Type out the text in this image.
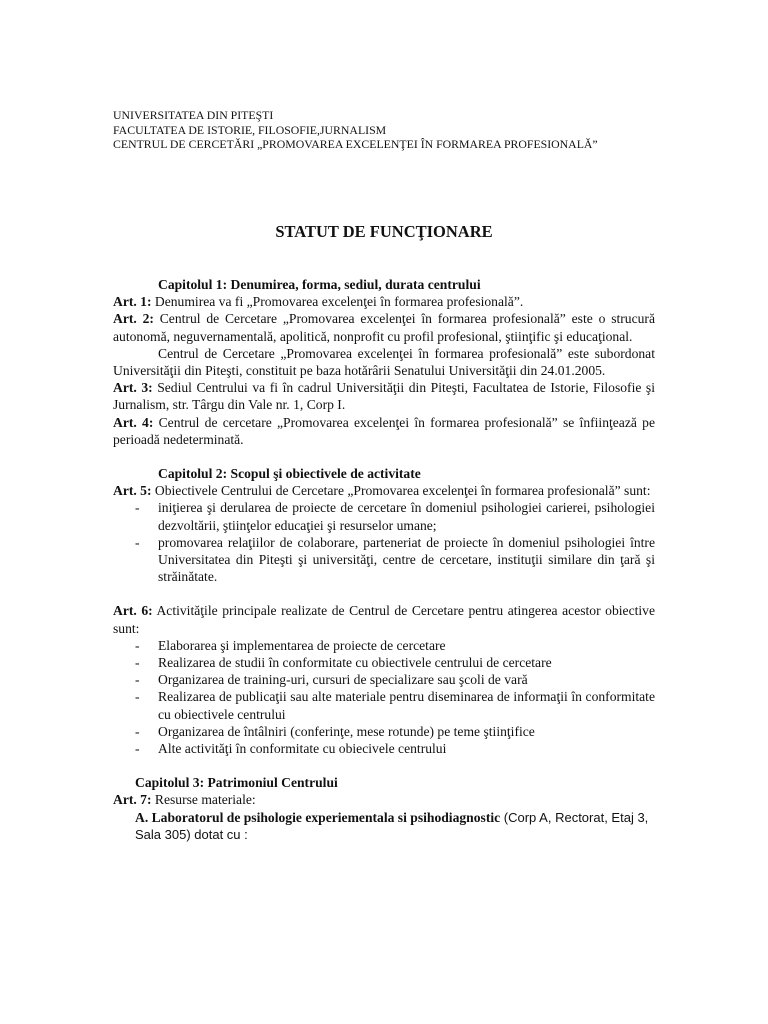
UNIVERSITATEA DIN PITEŞTI
FACULTATEA DE ISTORIE, FILOSOFIE,JURNALISM
CENTRUL DE CERCETĂRI „PROMOVAREA EXCELENŢEI ÎN FORMAREA PROFESIONALĂ”
STATUT DE FUNCŢIONARE
Capitolul 1: Denumirea, forma, sediul, durata centrului
Art. 1: Denumirea va fi „Promovarea excelenţei în formarea profesională”.
Art. 2: Centrul de Cercetare „Promovarea excelenţei în formarea profesională” este o strucură autonomă, neguvernamentală, apolitică, nonprofit cu profil profesional, ştiinţific şi educaţional.
Centrul de Cercetare „Promovarea excelenţei în formarea profesională” este subordonat Universităţii din Piteşti, constituit pe baza hotărârii Senatului Universităţii din 24.01.2005.
Art. 3: Sediul Centrului va fi în cadrul Universităţii din Piteşti, Facultatea de Istorie, Filosofie şi Jurnalism, str. Târgu din Vale nr. 1, Corp I.
Art. 4: Centrul de cercetare „Promovarea excelenţei în formarea profesională” se înfiinţează pe perioadă nedeterminată.
Capitolul 2: Scopul şi obiectivele de activitate
Art. 5: Obiectivele Centrului de Cercetare „Promovarea excelenţei în formarea profesională” sunt:
- iniţierea şi derularea de proiecte de cercetare în domeniul psihologiei carierei, psihologiei dezvoltării, ştiinţelor educaţiei şi resurselor umane;
- promovarea relaţiilor de colaborare, parteneriat de proiecte în domeniul psihologiei între Universitatea din Piteşti şi universităţi, centre de cercetare, instituţii similare din ţară şi străinătate.
Art. 6: Activităţile principale realizate de Centrul de Cercetare pentru atingerea acestor obiective sunt:
- Elaborarea şi implementarea de proiecte de cercetare
- Realizarea de studii în conformitate cu obiectivele centrului de cercetare
- Organizarea de training-uri, cursuri de specializare sau şcoli de vară
- Realizarea de publicaţii sau alte materiale pentru diseminarea de informaţii în conformitate cu obiectivele centrului
- Organizarea de întâlniri (conferinţe, mese rotunde) pe teme ştiinţifice
- Alte activităţi în conformitate cu obiecivele centrului
Capitolul 3: Patrimoniul Centrului
Art. 7: Resurse materiale:
A. Laboratorul de psihologie experiementala si psihodiagnostic (Corp A, Rectorat, Etaj 3, Sala 305) dotat cu :
